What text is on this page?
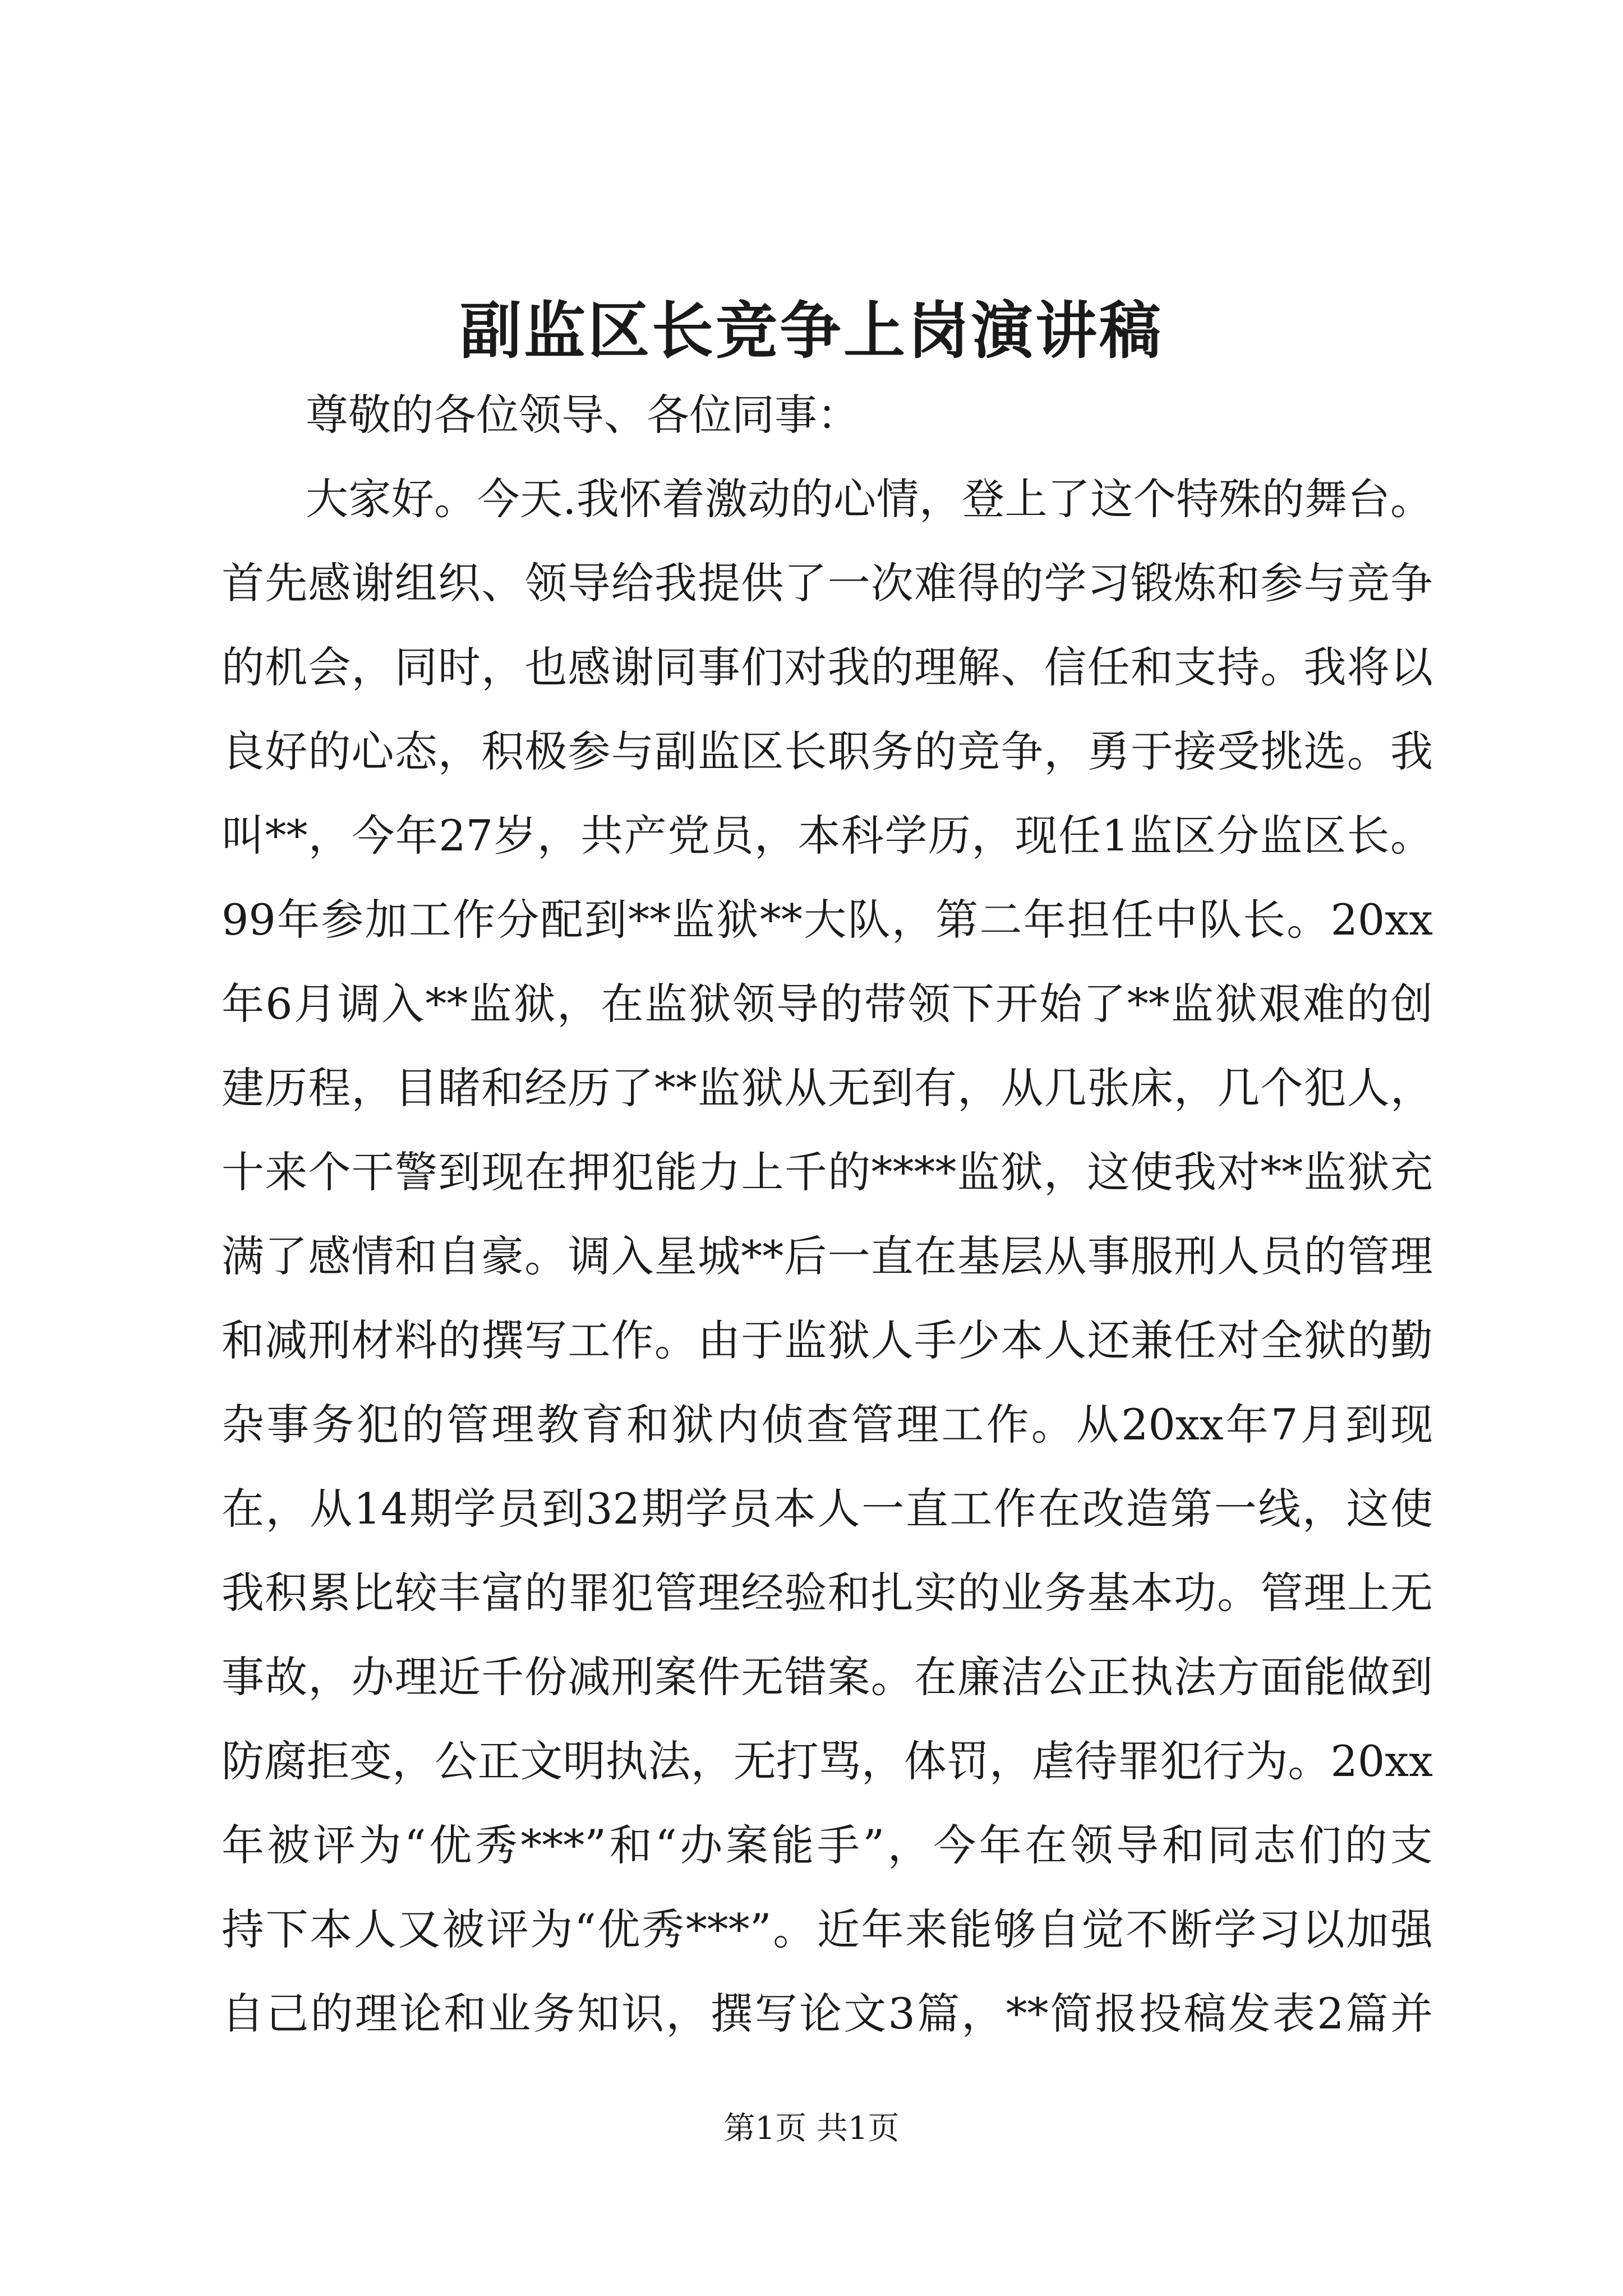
副监区长竞争上岗演讲稿
尊敬的各位领导、各位同事：
大家好。今天.我怀着激动的心情，登上了这个特殊的舞台。
首先感谢组织、领导给我提供了一次难得的学习锻炼和参与竞争
的机会，同时，也感谢同事们对我的理解、信任和支持。我将以
良好的心态，积极参与副监区长职务的竞争，勇于接受挑选。我
叫**，今年27岁，共产党员，本科学历，现任1监区分监区长。
99年参加工作分配到**监狱**大队，第二年担任中队长。20xx
年6月调入**监狱，在监狱领导的带领下开始了**监狱艰难的创
建历程，目睹和经历了**监狱从无到有，从几张床，几个犯人，
十来个干警到现在押犯能力上千的****监狱，这使我对**监狱充
满了感情和自豪。调入星城**后一直在基层从事服刑人员的管理
和减刑材料的撰写工作。由于监狱人手少本人还兼任对全狱的勤
杂事务犯的管理教育和狱内侦查管理工作。从20xx年7月到现
在，从14期学员到32期学员本人一直工作在改造第一线，这使
我积累比较丰富的罪犯管理经验和扎实的业务基本功。管理上无
事故，办理近千份减刑案件无错案。在廉洁公正执法方面能做到
防腐拒变，公正文明执法，无打骂，体罚，虐待罪犯行为。20xx
年被评为“优秀***”和“办案能手”，今年在领导和同志们的支
持下本人又被评为“优秀***”。近年来能够自觉不断学习以加强
自己的理论和业务知识，撰写论文3篇，**简报投稿发表2篇并
第1页 共1页
